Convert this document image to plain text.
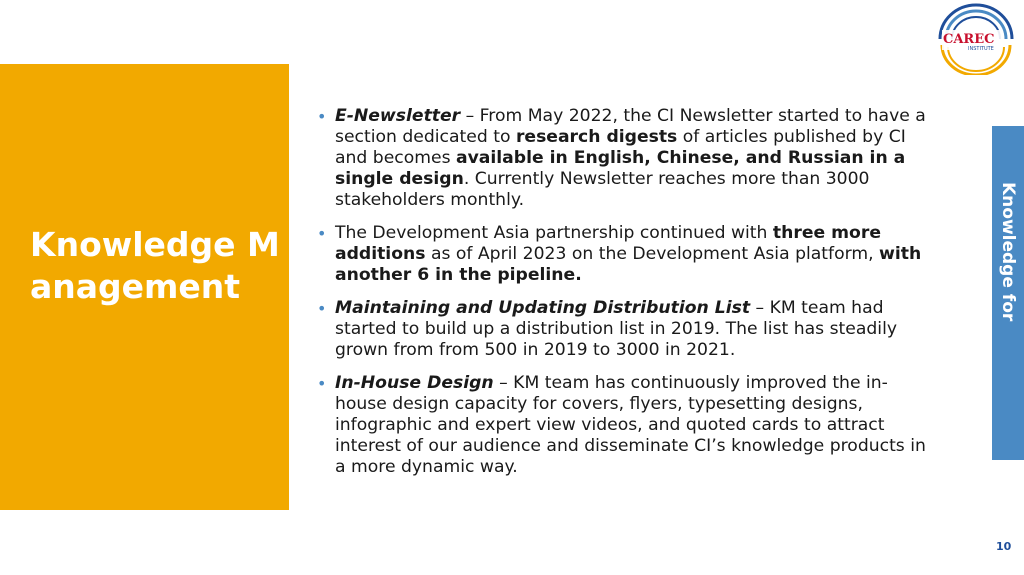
Knowledge Management
• E-Newsletter – From May 2022, the CI Newsletter started to have a section dedicated to research digests of articles published by CI and becomes available in English, Chinese, and Russian in a single design. Currently Newsletter reaches more than 3000 stakeholders monthly.
• The Development Asia partnership continued with three more additions as of April 2023 on the Development Asia platform, with another 6 in the pipeline.
• Maintaining and Updating Distribution List – KM team had started to build up a distribution list in 2019. The list has steadily grown from from 500 in 2019 to 3000 in 2021.
• In-House Design – KM team has continuously improved the in-house design capacity for covers, flyers, typesetting designs, infographic and expert view videos, and quoted cards to attract interest of our audience and disseminate CI’s knowledge products in a more dynamic way.
Knowledge for
CAREC
INSTITUTE
10
